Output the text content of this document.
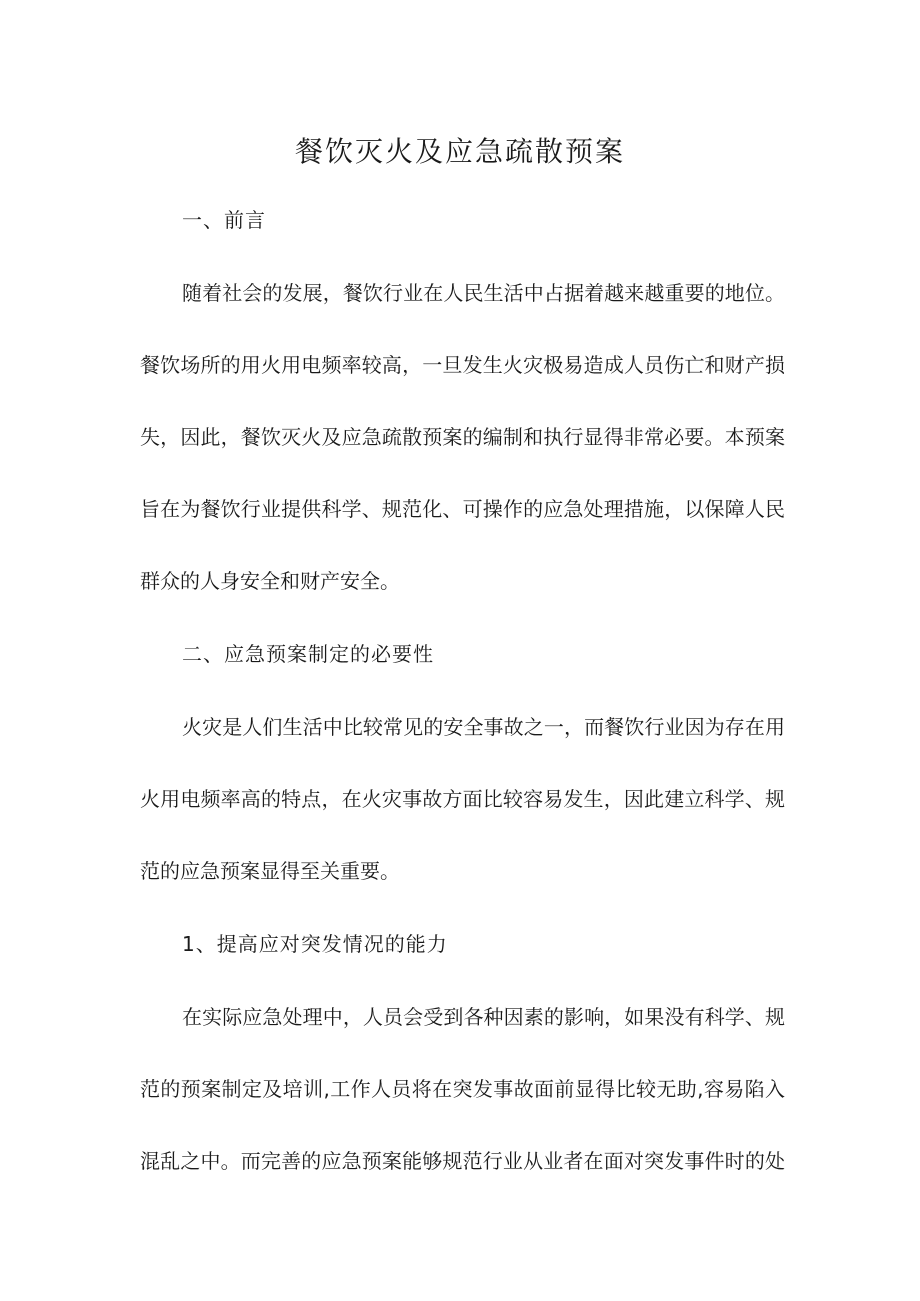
餐饮灭火及应急疏散预案
一、前言
随着社会的发展，餐饮行业在人民生活中占据着越来越重要的地位。
餐饮场所的用火用电频率较高，一旦发生火灾极易造成人员伤亡和财产损
失，因此，餐饮灭火及应急疏散预案的编制和执行显得非常必要。本预案
旨在为餐饮行业提供科学、规范化、可操作的应急处理措施，以保障人民
群众的人身安全和财产安全。
二、应急预案制定的必要性
火灾是人们生活中比较常见的安全事故之一，而餐饮行业因为存在用
火用电频率高的特点，在火灾事故方面比较容易发生，因此建立科学、规
范的应急预案显得至关重要。
1、提高应对突发情况的能力
在实际应急处理中，人员会受到各种因素的影响，如果没有科学、规
范的预案制定及培训,工作人员将在突发事故面前显得比较无助,容易陷入
混乱之中。而完善的应急预案能够规范行业从业者在面对突发事件时的处
